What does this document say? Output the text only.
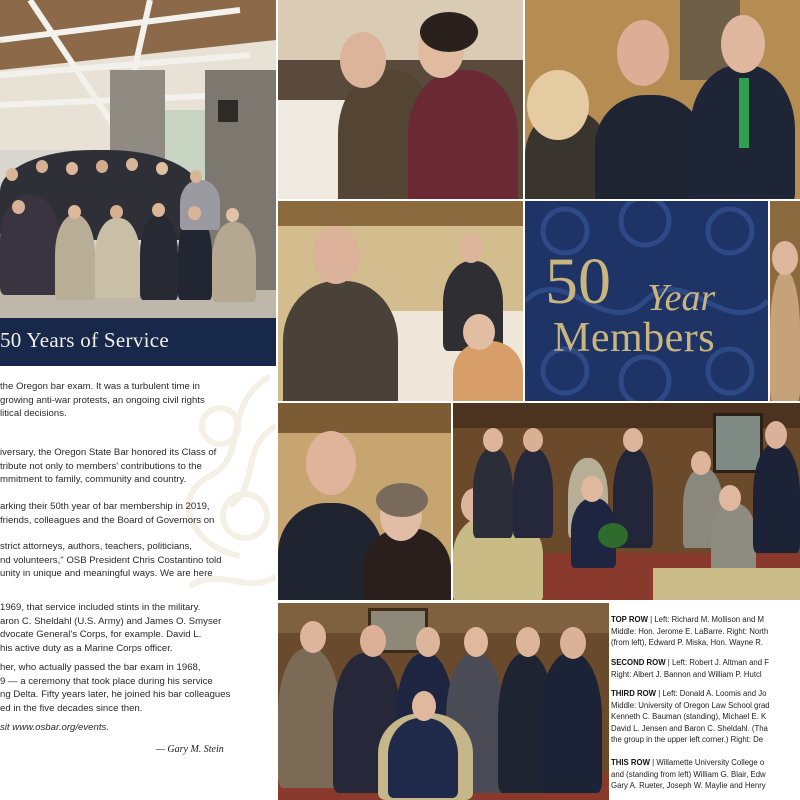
50 Years of Service
the Oregon bar exam. It was a turbulent time in
growing anti-war protests, an ongoing civil rights
litical decisions.
iversary, the Oregon State Bar honored its Class of
tribute not only to members' contributions to the
mmitment to family, community and country.
arking their 50th year of bar membership in 2019,
friends, colleagues and the Board of Governors on
strict attorneys, authors, teachers, politicians,
nd volunteers," OSB President Chris Costantino told
unity in unique and meaningful ways. We are here
1969, that service included stints in the military.
aron C. Sheldahl (U.S. Army) and James O. Smyser
dvocate General's Corps, for example. David L.
his active duty as a Marine Corps officer.
her, who actually passed the bar exam in 1968,
9 — a ceremony that took place during his service
ng Delta. Fifty years later, he joined his bar colleagues
ed in the five decades since then.
sit www.osbar.org/events.
— Gary M. Stein
50 Year
Members
TOP ROW | Left: Richard M. Mollison and M
Middle: Hon. Jerome E. LaBarre. Right: North
(from left), Edward P. Miska, Hon. Wayne R.
SECOND ROW | Left: Robert J. Altman and F
Right: Albert J. Bannon and William P. Hutcl
THIRD ROW | Left: Donald A. Loomis and Jo
Middle: University of Oregon Law School grad
Kenneth C. Bauman (standing), Michael E. K
David L. Jensen and Baron C. Sheldahl. (Tha
the group in the upper left corner.) Right: De
THIS ROW | Willamette University College o
and (standing from left) William G. Blair, Edw
Gary A. Rueter, Joseph W. Maylie and Henry
